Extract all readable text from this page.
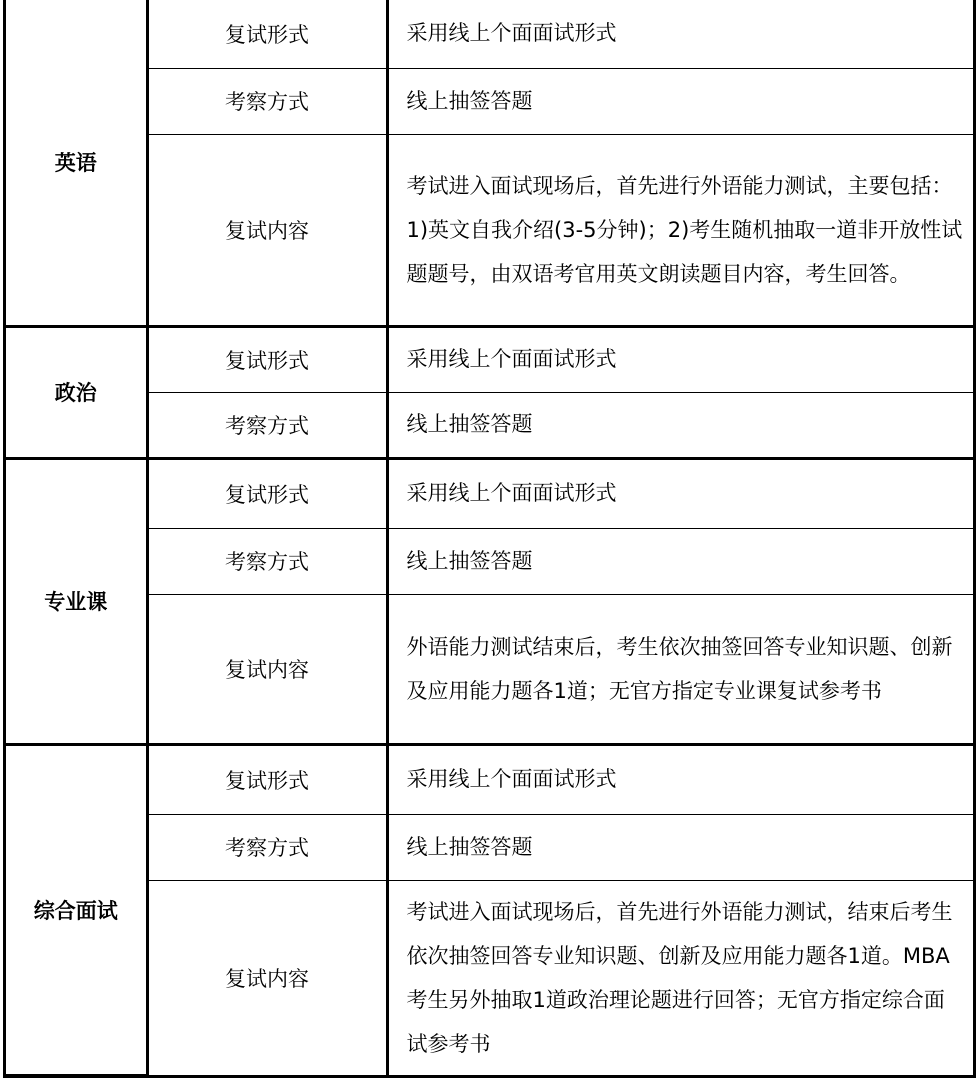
英语	复试形式	采用线上个面面试形式
	考察方式	线上抽签答题
	复试内容	考试进入面试现场后，首先进行外语能力测试，主要包括：1)英文自我介绍(3-5分钟)；2)考生随机抽取一道非开放性试题题号，由双语考官用英文朗读题目内容，考生回答。
政治	复试形式	采用线上个面面试形式
	考察方式	线上抽签答题
专业课	复试形式	采用线上个面面试形式
	考察方式	线上抽签答题
	复试内容	外语能力测试结束后，考生依次抽签回答专业知识题、创新及应用能力题各1道；无官方指定专业课复试参考书
综合面试	复试形式	采用线上个面面试形式
	考察方式	线上抽签答题
	复试内容	考试进入面试现场后，首先进行外语能力测试，结束后考生依次抽签回答专业知识题、创新及应用能力题各1道。MBA 考生另外抽取1道政治理论题进行回答；无官方指定综合面试参考书
